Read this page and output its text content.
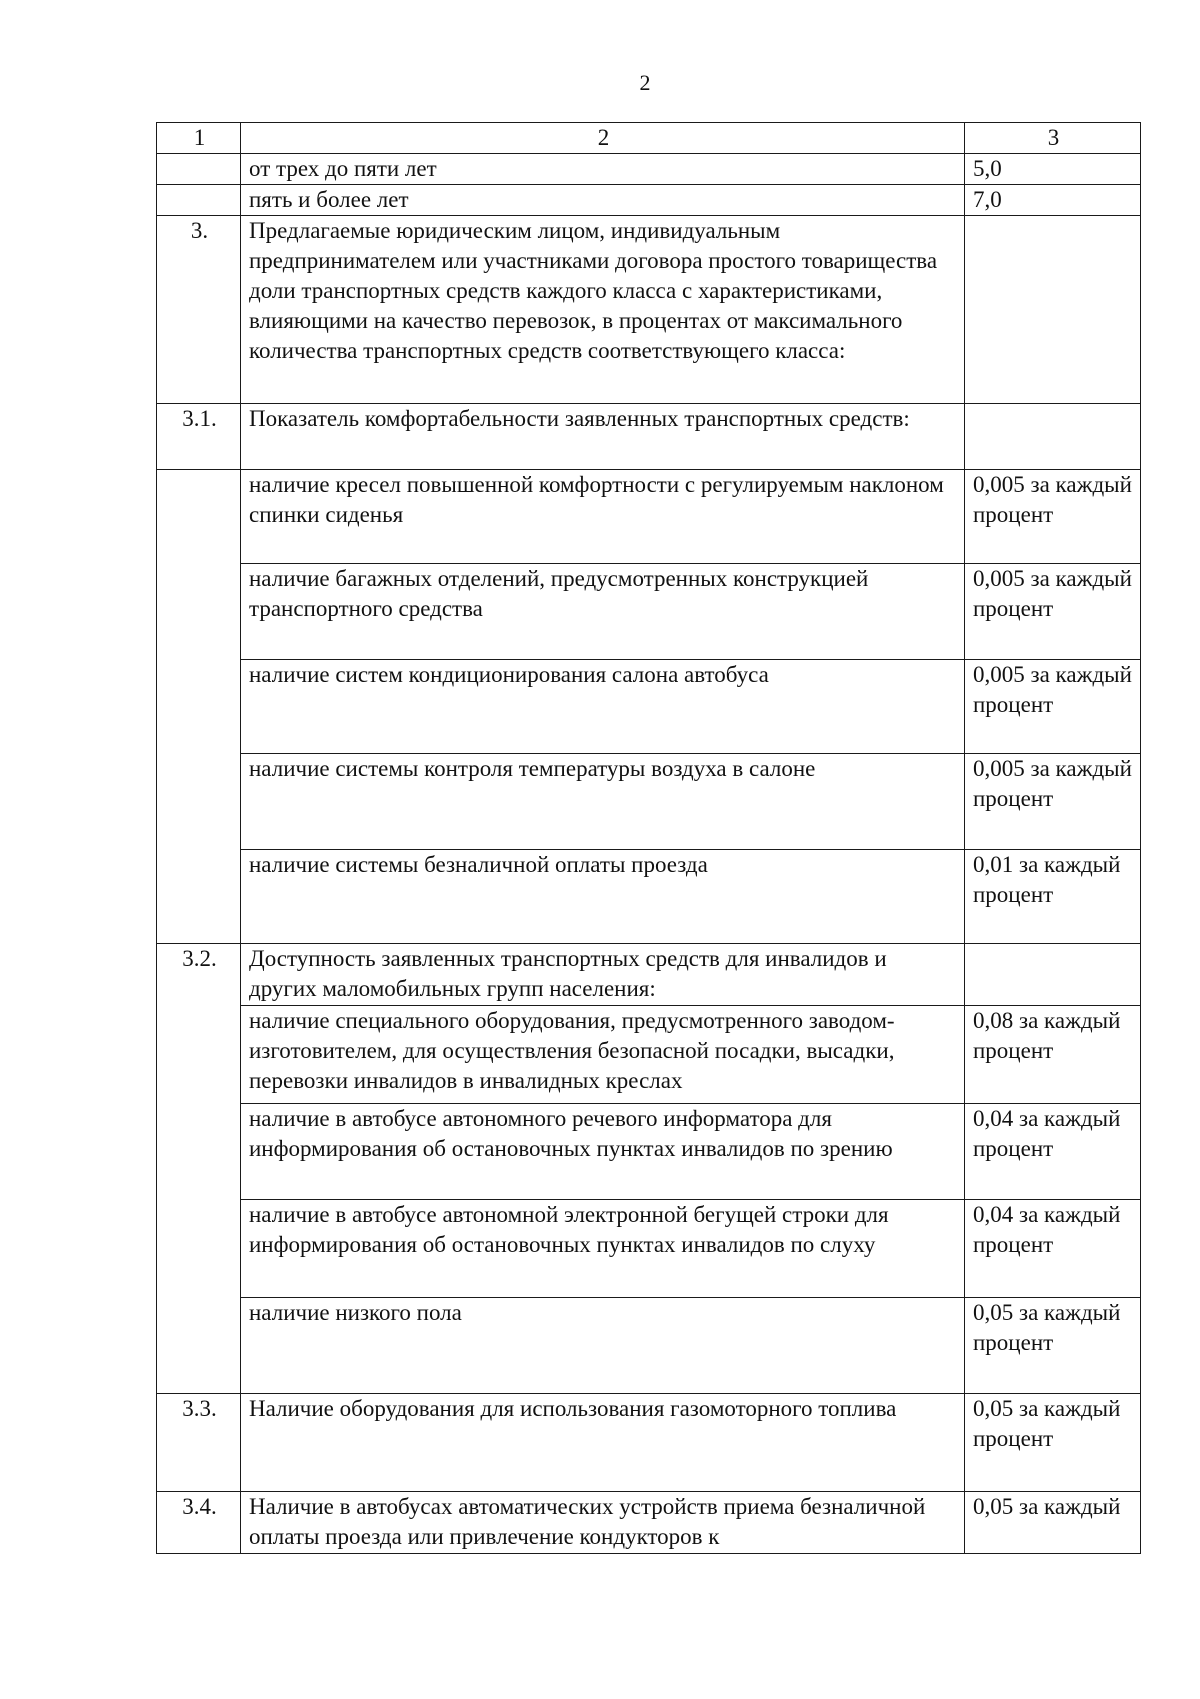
2
1	2	3
	от трех до пяти лет	5,0
	пять и более лет	7,0
3.	Предлагаемые юридическим лицом, индивидуальным предпринимателем или участниками договора простого товарищества доли транспортных средств каждого класса с характеристиками, влияющими на качество перевозок, в процентах от максимального количества транспортных средств соответствующего класса:	
3.1.	Показатель комфортабельности заявленных транспортных средств:	
	наличие кресел повышенной комфортности с регулируемым наклоном спинки сиденья	0,005 за каждый процент
	наличие багажных отделений, предусмотренных конструкцией транспортного средства	0,005 за каждый процент
	наличие систем кондиционирования салона автобуса	0,005 за каждый процент
	наличие системы контроля температуры воздуха в салоне	0,005 за каждый процент
	наличие системы безналичной оплаты проезда	0,01 за каждый процент
3.2.	Доступность заявленных транспортных средств для инвалидов и других маломобильных групп населения:	
	наличие специального оборудования, предусмотренного заводом-изготовителем, для осуществления безопасной посадки, высадки, перевозки инвалидов в инвалидных креслах	0,08 за каждый процент
	наличие в автобусе автономного речевого информатора для информирования об остановочных пунктах инвалидов по зрению	0,04 за каждый процент
	наличие в автобусе автономной электронной бегущей строки для информирования об остановочных пунктах инвалидов по слуху	0,04 за каждый процент
	наличие низкого пола	0,05 за каждый процент
3.3.	Наличие оборудования для использования газомоторного топлива	0,05 за каждый процент
3.4.	Наличие в автобусах автоматических устройств приема безналичной оплаты проезда или привлечение кондукторов к	0,05 за каждый
